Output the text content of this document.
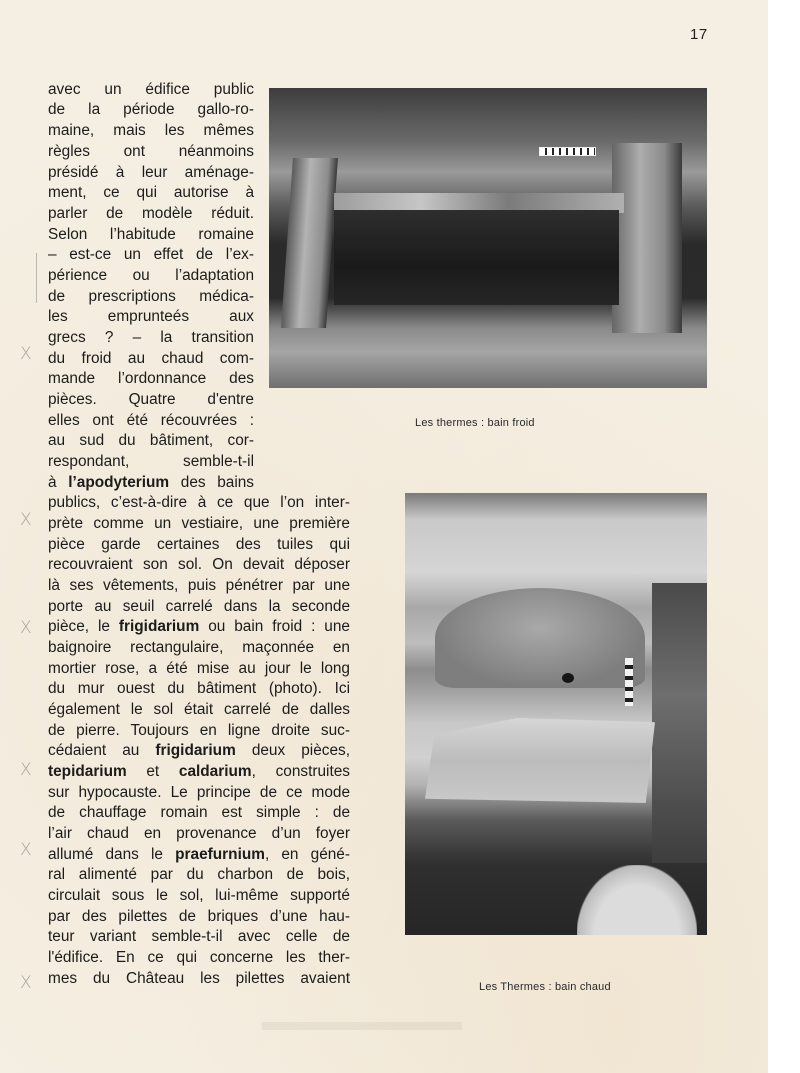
17
avec un édifice public
de la période gallo-ro-
maine, mais les mêmes
règles ont néanmoins
présidé à leur aménage-
ment, ce qui autorise à
parler de modèle réduit.
Selon l’habitude romaine
– est-ce un effet de l’ex-
périence ou l’adaptation
de prescriptions médica-
les emprunteés aux
grecs ? – la transition
du froid au chaud com-
mande l’ordonnance des
pièces. Quatre d'entre
elles ont été récouvrées :
au sud du bâtiment, cor-
respondant, semble-t-il
à l’apodyterium des bains
publics, c’est-à-dire à ce que l’on inter-
prète comme un vestiaire, une première
pièce garde certaines des tuiles qui
recouvraient son sol. On devait déposer
là ses vêtements, puis pénétrer par une
porte au seuil carrelé dans la seconde
pièce, le frigidarium ou bain froid : une
baignoire rectangulaire, maçonnée en
mortier rose, a été mise au jour le long
du mur ouest du bâtiment (photo). Ici
également le sol était carrelé de dalles
de pierre. Toujours en ligne droite suc-
cédaient au frigidarium deux pièces,
tepidarium et caldarium, construites
sur hypocauste. Le principe de ce mode
de chauffage romain est simple : de
l’air chaud en provenance d’un foyer
allumé dans le praefurnium, en géné-
ral alimenté par du charbon de bois,
circulait sous le sol, lui-même supporté
par des pilettes de briques d’une hau-
teur variant semble-t-il avec celle de
l'édifice. En ce qui concerne les ther-
mes du Château les pilettes avaient
Les thermes : bain froid
Les Thermes : bain chaud
X
X
X
X
X
X
